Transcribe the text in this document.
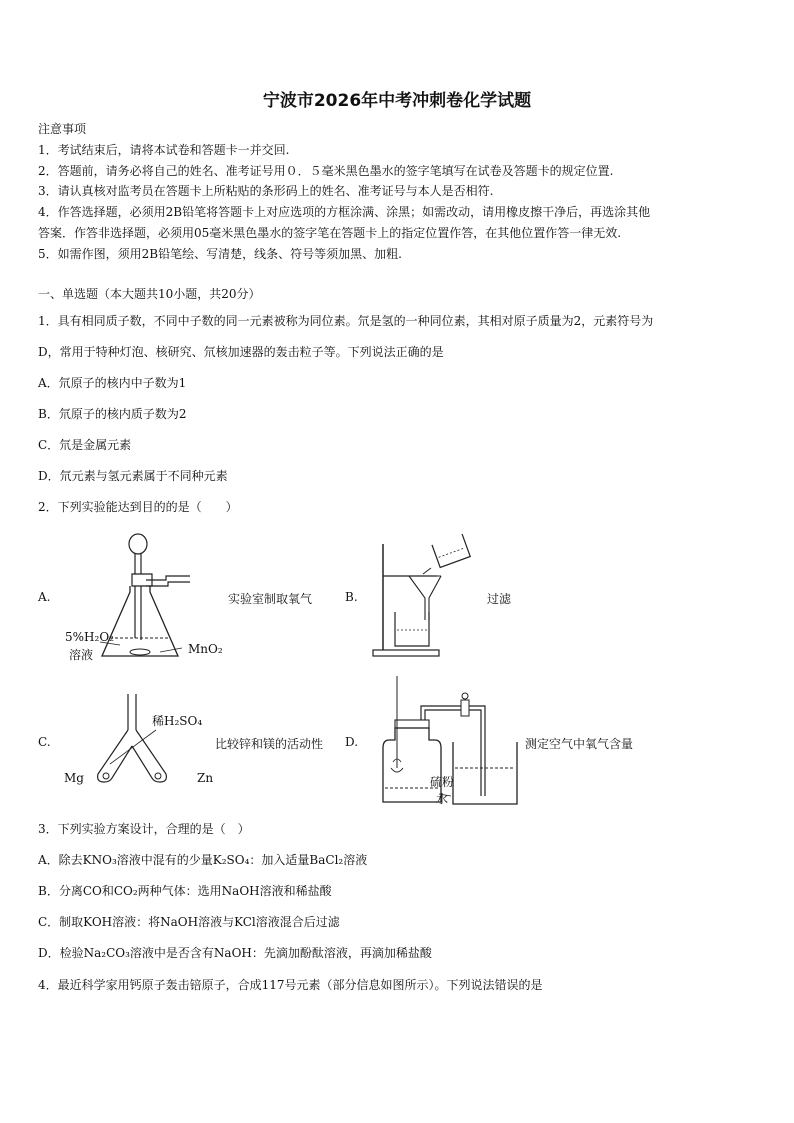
宁波市2026年中考冲刺卷化学试题
注意事项
1．考试结束后，请将本试卷和答题卡一并交回.
2．答题前，请务必将自己的姓名、准考证号用０．５毫米黑色墨水的签字笔填写在试卷及答题卡的规定位置.
3．请认真核对监考员在答题卡上所粘贴的条形码上的姓名、准考证号与本人是否相符.
4．作答选择题，必须用2B铅笔将答题卡上对应选项的方框涂满、涂黑；如需改动，请用橡皮擦干净后，再选涂其他
答案．作答非选择题，必须用05毫米黑色墨水的签字笔在答题卡上的指定位置作答，在其他位置作答一律无效.
5．如需作图，须用2B铅笔绘、写清楚，线条、符号等须加黑、加粗.
一、单选题（本大题共10小题，共20分）
1．具有相同质子数，不同中子数的同一元素被称为同位素。氘是氢的一种同位素，其相对原子质量为2，元素符号为
D，常用于特种灯泡、核研究、氘核加速器的轰击粒子等。下列说法正确的是
A．氘原子的核内中子数为1
B．氘原子的核内质子数为2
C．氘是金属元素
D．氘元素与氢元素属于不同种元素
2．下列实验能达到目的的是（　　）
A.
5%H₂O₂
溶液	MnO₂
实验室制取氧气	B.	过滤
C.
稀H₂SO₄
Mg	Zn
比较锌和镁的活动性 D.
硫粉
水
测定空气中氧气含量
3．下列实验方案设计，合理的是（　）
A．除去KNO₃溶液中混有的少量K₂SO₄：加入适量BaCl₂溶液
B．分离CO和CO₂两种气体：选用NaOH溶液和稀盐酸
C．制取KOH溶液：将NaOH溶液与KCl溶液混合后过滤
D．检验Na₂CO₃溶液中是否含有NaOH：先滴加酚酞溶液，再滴加稀盐酸
4．最近科学家用钙原子轰击锫原子，合成117号元素（部分信息如图所示）。下列说法错误的是
